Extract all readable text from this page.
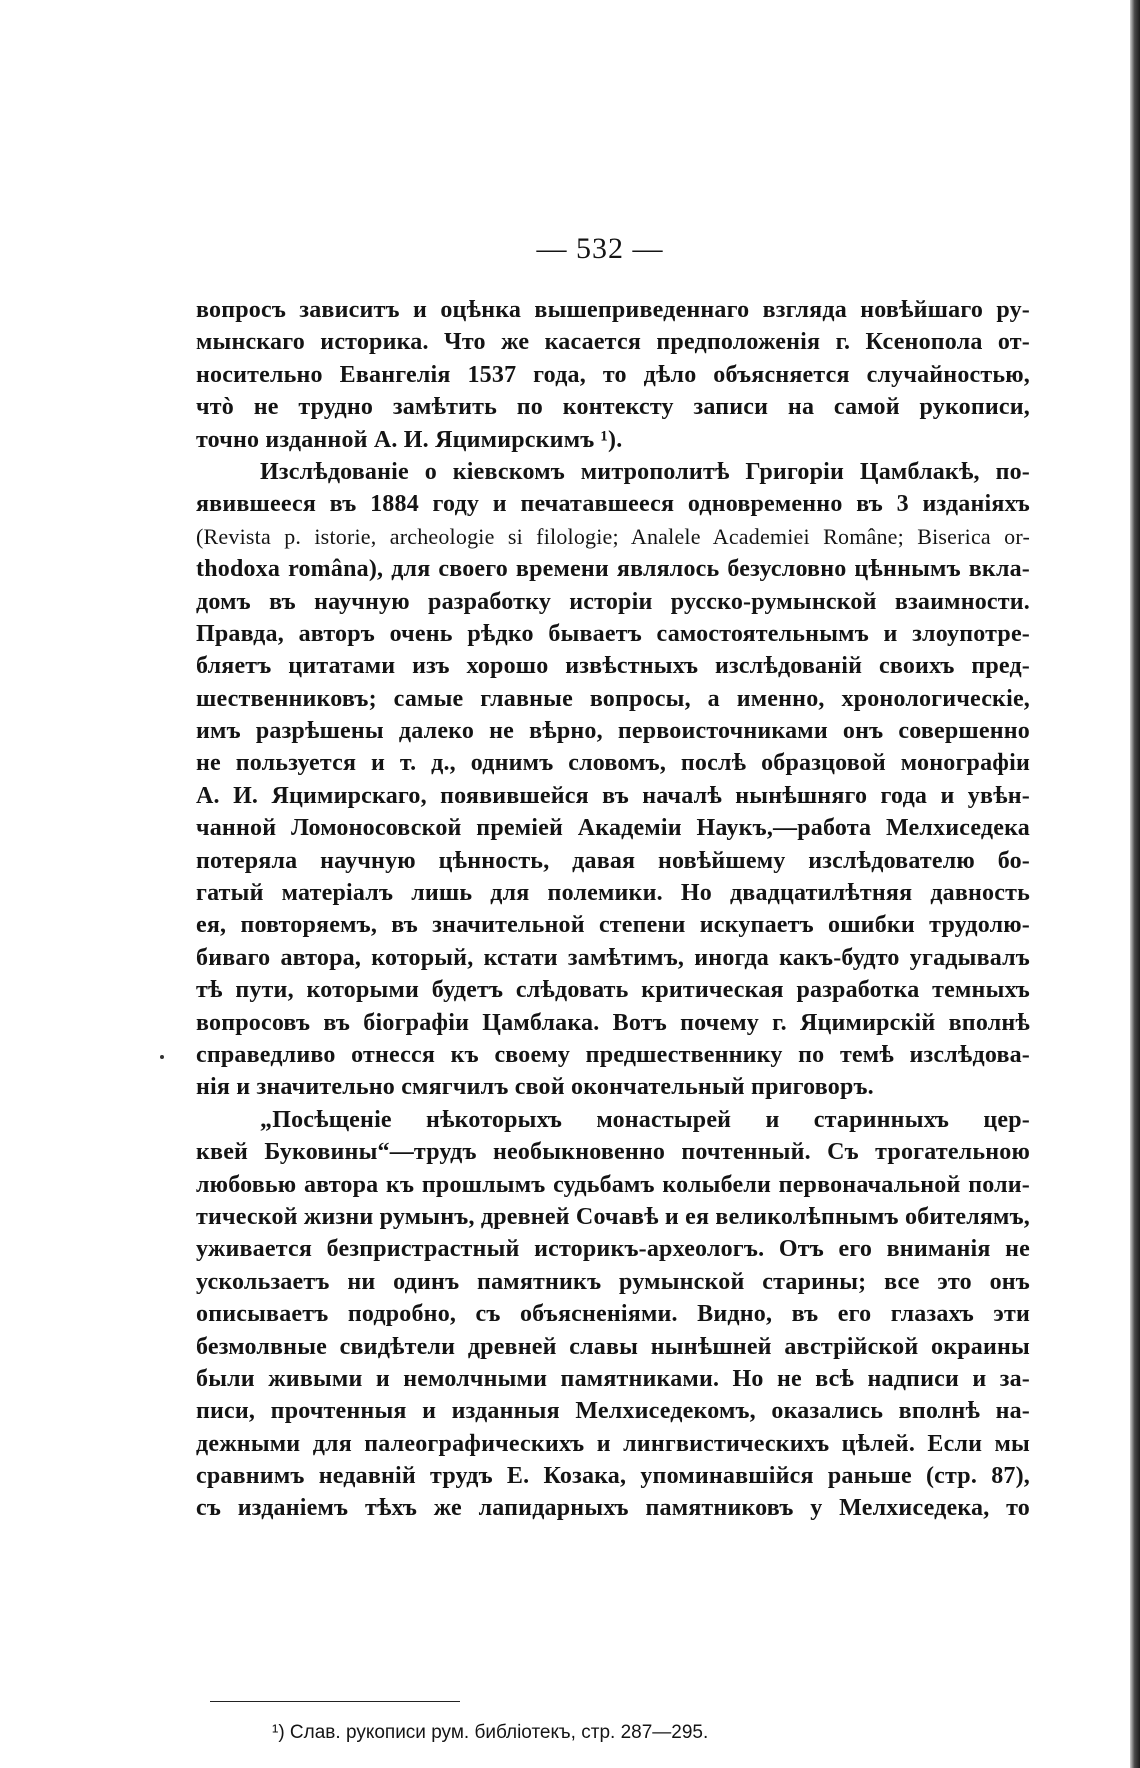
— 532 —
вопросъ зависитъ и оцѣнка вышеприведеннаго взгляда новѣйшаго ру-
мынскаго историка. Что же касается предположенія г. Ксенопола от-
носительно Евангелія 1537 года, то дѣло объясняется случайностью,
чтò не трудно замѣтить по контексту записи на самой рукописи,
точно изданной А. И. Яцимирскимъ ¹).
Изслѣдованіе о кіевскомъ митрополитѣ Григоріи Цамблакѣ, по-
явившееся въ 1884 году и печатавшееся одновременно въ 3 изданіяхъ
(Revista p. istorie, archeologie si filologie; Analele Academiei Române; Biserica or-
thodoxa româna), для своего времени являлось безусловно цѣннымъ вкла-
домъ въ научную разработку исторіи русско-румынской взаимности.
Правда, авторъ очень рѣдко бываетъ самостоятельнымъ и злоупотре-
бляетъ цитатами изъ хорошо извѣстныхъ изслѣдованій своихъ пред-
шественниковъ; самые главные вопросы, а именно, хронологическіе,
имъ разрѣшены далеко не вѣрно, первоисточниками онъ совершенно
не пользуется и т. д., однимъ словомъ, послѣ образцовой монографіи
А. И. Яцимирскаго, появившейся въ началѣ нынѣшняго года и увѣн-
чанной Ломоносовской преміей Академіи Наукъ,—работа Мелхиседека
потеряла научную цѣнность, давая новѣйшему изслѣдователю бо-
гатый матеріалъ лишь для полемики. Но двадцатилѣтняя давность
ея, повторяемъ, въ значительной степени искупаетъ ошибки трудолю-
биваго автора, который, кстати замѣтимъ, иногда какъ-будто угадывалъ
тѣ пути, которыми будетъ слѣдовать критическая разработка темныхъ
вопросовъ въ біографіи Цамблака. Вотъ почему г. Яцимирскій вполнѣ
справедливо отнесся къ своему предшественнику по темѣ изслѣдова-
нія и значительно смягчилъ свой окончательный приговоръ.
„Посѣщеніе нѣкоторыхъ монастырей и старинныхъ цер-
квей Буковины“—трудъ необыкновенно почтенный. Съ трогательною
любовью автора къ прошлымъ судьбамъ колыбели первоначальной поли-
тической жизни румынъ, древней Сочавѣ и ея великолѣпнымъ обителямъ,
уживается безпристрастный историкъ-археологъ. Отъ его вниманія не
ускользаетъ ни одинъ памятникъ румынской старины; все это онъ
описываетъ подробно, съ объясненіями. Видно, въ его глазахъ эти
безмолвные свидѣтели древней славы нынѣшней австрійской окраины
были живыми и немолчными памятниками. Но не всѣ надписи и за-
писи, прочтенныя и изданныя Мелхиседекомъ, оказались вполнѣ на-
дежными для палеографическихъ и лингвистическихъ цѣлей. Если мы
сравнимъ недавній трудъ Е. Козака, упоминавшійся раньше (стр. 87),
съ изданіемъ тѣхъ же лапидарныхъ памятниковъ у Мелхиседека, то
¹) Слав. рукописи рум. библіотекъ, стр. 287—295.
